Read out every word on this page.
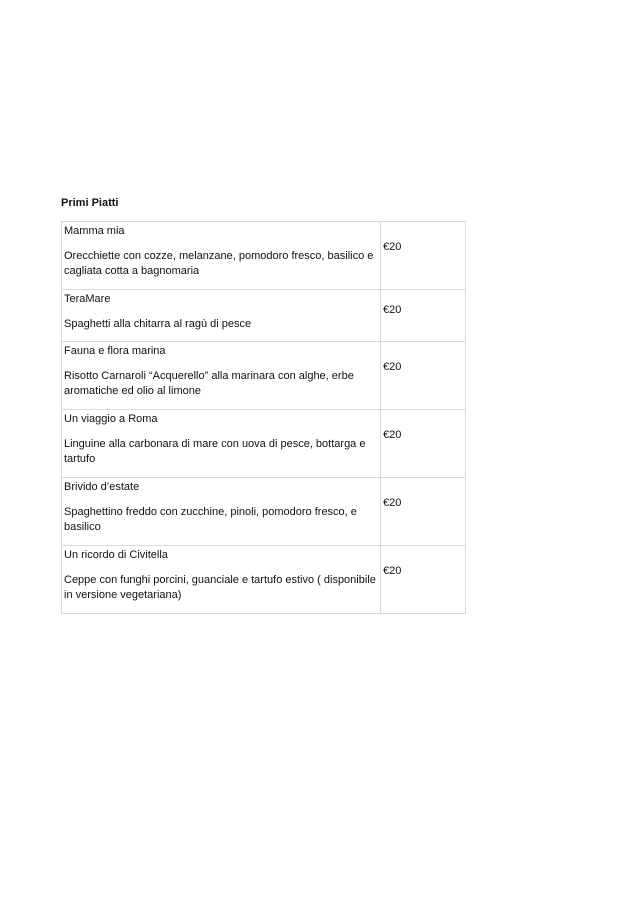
Primi Piatti
Mamma mia
Orecchiette con cozze, melanzane, pomodoro fresco, basilico e cagliata cotta a bagnomaria	€20

TeraMare
Spaghetti alla chitarra al ragù di pesce	€20

Fauna e flora marina
Risotto Carnaroli “Acquerello” alla marinara con alghe, erbe aromatiche ed olio al limone	€20

Un viaggio a Roma
Linguine alla carbonara di mare con uova di pesce, bottarga e tartufo	€20

Brivido d’estate
Spaghettino freddo con zucchine, pinoli, pomodoro fresco, e basilico	€20

Un ricordo di Civitella
Ceppe con funghi porcini, guanciale e tartufo estivo ( disponibile in versione vegetariana)	€20
